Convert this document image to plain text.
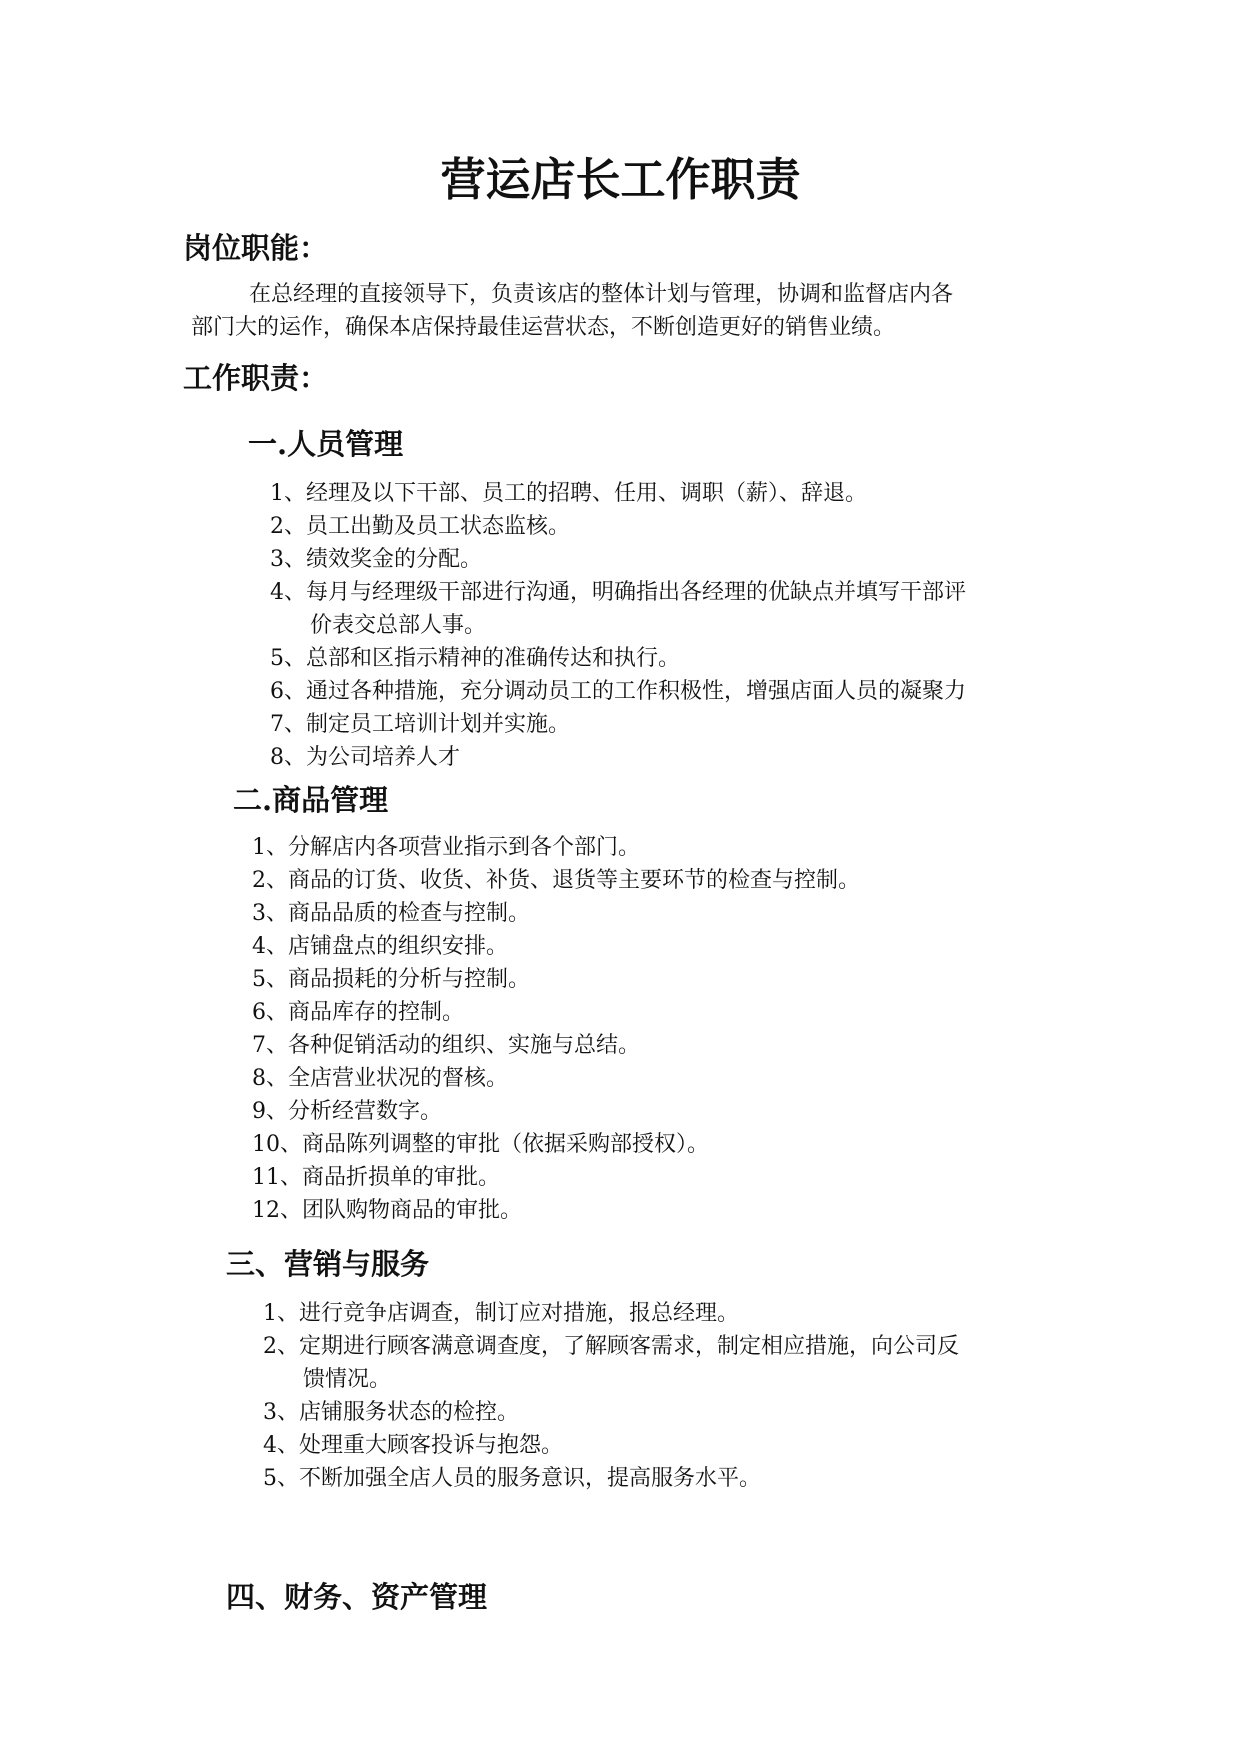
营运店长工作职责
岗位职能：

在总经理的直接领导下，负责该店的整体计划与管理，协调和监督店内各
部门大的运作，确保本店保持最佳运营状态，不断创造更好的销售业绩。

工作职责：
一.人员管理
1、经理及以下干部、员工的招聘、任用、调职（薪）、辞退。
2、员工出勤及员工状态监核。
3、绩效奖金的分配。
4、每月与经理级干部进行沟通，明确指出各经理的优缺点并填写干部评
价表交总部人事。
5、总部和区指示精神的准确传达和执行。
6、通过各种措施，充分调动员工的工作积极性，增强店面人员的凝聚力
7、制定员工培训计划并实施。
8、为公司培养人才
二.商品管理
1、分解店内各项营业指示到各个部门。
2、商品的订货、收货、补货、退货等主要环节的检查与控制。
3、商品品质的检查与控制。
4、店铺盘点的组织安排。
5、商品损耗的分析与控制。
6、商品库存的控制。
7、各种促销活动的组织、实施与总结。
8、全店营业状况的督核。
9、分析经营数字。
10、商品陈列调整的审批（依据采购部授权）。
11、商品折损单的审批。
12、团队购物商品的审批。
三、营销与服务
1、进行竞争店调查，制订应对措施，报总经理。
2、定期进行顾客满意调查度，了解顾客需求，制定相应措施，向公司反
馈情况。
3、店铺服务状态的检控。
4、处理重大顾客投诉与抱怨。
5、不断加强全店人员的服务意识，提高服务水平。
四、财务、资产管理
